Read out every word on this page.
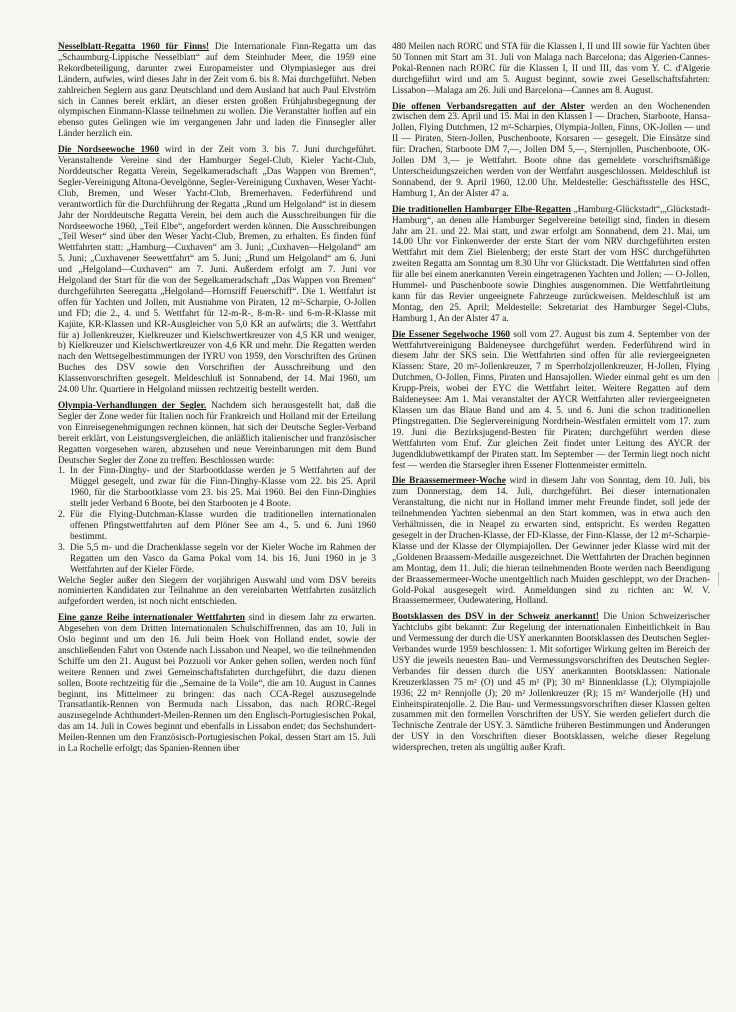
Nesselblatt-Regatta 1960 für Finns! Die Internationale Finn-Regatta um das „Schaumburg-Lippische Nesselblatt“ auf dem Steinhuder Meer, die 1959 eine Rekordbeteiligung, darunter zwei Europameister und Olympiasieger aus drei Ländern, aufwies, wird dieses Jahr in der Zeit vom 6. bis 8. Mai durchgeführt. Neben zahlreichen Seglern aus ganz Deutschland und dem Ausland hat auch Paul Elvström sich in Cannes bereit erklärt, an dieser ersten großen Frühjahrsbegegnung der olympischen Einmann-Klasse teilnehmen zu wollen. Die Veranstalter hoffen auf ein ebenso gutes Gelingen wie im vergangenen Jahr und laden die Finnsegler aller Länder herzlich ein.

Die Nordseewoche 1960 wird in der Zeit vom 3. bis 7. Juni durchgeführt. Veranstaltende Vereine sind der Hamburger Segel-Club, Kieler Yacht-Club, Norddeutscher Regatta Verein, Segelkameradschaft „Das Wappen von Bremen“, Segler-Vereinigung Altona-Oevelgönne, Segler-Vereinigung Cuxhaven, Weser Yacht-Club, Bremen, und Weser Yacht-Club, Bremerhaven. Federführend und verantwortlich für die Durchführung der Regatta „Rund um Helgoland“ ist in diesem Jahr der Norddeutsche Regatta Verein, bei dem auch die Ausschreibungen für die Nordseewoche 1960, „Teil Elbe“, angefordert werden können. Die Ausschreibungen „Teil Weser“ sind über den Weser Yacht-Club, Bremen, zu erhalten. Es finden fünf Wettfahrten statt: „Hamburg—Cuxhaven“ am 3. Juni; „Cuxhaven—Helgoland“ am 5. Juni; „Cuxhavener Seewettfahrt“ am 5. Juni; „Rund um Helgoland“ am 6. Juni und „Helgoland—Cuxhaven“ am 7. Juni. Außerdem erfolgt am 7. Juni vor Helgoland der Start für die von der Segelkameradschaft „Das Wappen von Bremen“ durchgeführten Seeregatta „Helgoland—Hornsriff Feuerschiff“. Die 1. Wettfahrt ist offen für Yachten und Jollen, mit Ausnahme von Piraten, 12 m²-Scharpie, O-Jollen und FD; die 2., 4. und 5. Wettfahrt für 12-m-R-, 8-m-R- und 6-m-R-Klasse mit Kajüte, KR-Klassen und KR-Ausgleicher von 5,0 KR an aufwärts; die 3. Wettfahrt für a) Jollenkreuzer, Kielkreuzer und Kielschwertkreuzer von 4,5 KR und weniger, b) Kielkreuzer und Kielschwertkreuzer von 4,6 KR und mehr. Die Regatten werden nach den Wettsegelbestimmungen der IYRU von 1959, den Vorschriften des Grünen Buches des DSV sowie den Vorschriften der Ausschreibung und den Klassenvorschriften gesegelt. Meldeschluß ist Sonnabend, der 14. Mai 1960, um 24.00 Uhr. Quartiere in Helgoland müssen rechtzeitig bestellt werden.

Olympia-Verhandlungen der Segler. Nachdem sich herausgestellt hat, daß die Segler der Zone weder für Italien noch für Frankreich und Holland mit der Erteilung von Einreisegenehmigungen rechnen können, hat sich der Deutsche Segler-Verband bereit erklärt, von Leistungsvergleichen, die anläßlich italienischer und französischer Regatten vorgesehen waren, abzusehen und neue Vereinbarungen mit dem Bund Deutscher Segler der Zone zu treffen. Beschlossen wurde:

1. In der Finn-Dinghy- und der Starbootklasse werden je 5 Wettfahrten auf der Müggel gesegelt, und zwar für die Finn-Dinghy-Klasse vom 22. bis 25. April 1960, für die Starbootklasse vom 23. bis 25. Mai 1960. Bei den Finn-Dinghies stellt jeder Verband 6 Boote, bei den Starbooten je 4 Boote.
2. Für die Flying-Dutchman-Klasse wurden die traditionellen internationalen offenen Pfingstwettfahrten auf dem Plöner See am 4., 5. und 6. Juni 1960 bestimmt.
3. Die 5,5 m- und die Drachenklasse segeln vor der Kieler Woche im Rahmen der Regatten um den Vasco da Gama Pokal vom 14. bis 16. Juni 1960 in je 3 Wettfahrten auf der Kieler Förde.

Welche Segler außer den Siegern der vorjährigen Auswahl und vom DSV bereits nominierten Kandidaten zur Teilnahme an den vereinbarten Wettfahrten zusätzlich aufgefordert werden, ist noch nicht entschieden.

Eine ganze Reihe internationaler Wettfahrten sind in diesem Jahr zu erwarten. Abgesehen von dem Dritten Internationalen Schulschiffrennen, das am 10. Juli in Oslo beginnt und um den 16. Juli beim Hoek von Holland endet, sowie der anschließenden Fahrt von Ostende nach Lissabon und Neapel, wo die teilnehmenden Schiffe um den 21. August bei Pozzuoli vor Anker gehen sollen, werden noch fünf weitere Rennen und zwei Gemeinschaftsfahrten durchgeführt, die dazu dienen sollen, Boote rechtzeitig für die „Semaine de la Voile“, die am 10. August in Cannes beginnt, ins Mittelmeer zu bringen: das nach CCA-Regel auszusegelnde Transatlantik-Rennen von Bermuda nach Lissabon, das nach RORC-Regel auszusegelnde Achthundert-Meilen-Rennen um den Englisch-Portugiesischen Pokal, das am 14. Juli in Cowes beginnt und ebenfalls in Lissabon endet; das Sechshundert-Meilen-Rennen um den Französisch-Portugiesischen Pokal, dessen Start am 15. Juli in La Rochelle erfolgt; das Spanien-Rennen über

480 Meilen nach RORC und STA für die Klassen I, II und III sowie für Yachten über 50 Tonnen mit Start am 31. Juli von Malaga nach Barcelona; das Algerien-Cannes-Pokal-Rennen nach RORC für die Klassen I, II und III, das vom Y. C. d'Algerie durchgeführt wird und am 5. August beginnt, sowie zwei Gesellschaftsfahrten: Lissabon—Malaga am 26. Juli und Barcelona—Cannes am 8. August.

Die offenen Verbandsregatten auf der Alster werden an den Wochenenden zwischen dem 23. April und 15. Mai in den Klassen I — Drachen, Starboote, Hansa-Jollen, Flying Dutchmen, 12 m²-Scharpies, Olympia-Jollen, Finns, OK-Jollen — und II — Piraten, Stern-Jollen, Puschenboote, Korsaren — gesegelt. Die Einsätze sind für: Drachen, Starboote DM 7,—, Jollen DM 5,—, Sternjollen, Puschenboote, OK-Jollen DM 3,— je Wettfahrt. Boote ohne das gemeldete vorschriftsmäßige Unterscheidungszeichen werden von der Wettfahrt ausgeschlossen. Meldeschluß ist Sonnabend, der 9. April 1960, 12.00 Uhr. Meldestelle: Geschäftsstelle des HSC, Hamburg 1, An der Alster 47 a.

Die traditionellen Hamburger Elbe-Regatten „Hamburg-Glückstadt“,„Glückstadt-Hamburg“, an denen alle Hamburger Segelvereine beteiligt sind, finden in diesem Jahr am 21. und 22. Mai statt, und zwar erfolgt am Sonnabend, dem 21. Mai, um 14.00 Uhr vor Finkenwerder der erste Start der vom NRV durchgeführten ersten Wettfahrt mit dem Ziel Bielenberg; der erste Start der vom HSC durchgeführten zweiten Regatta am Sonntag um 8.30 Uhr vor Glückstadt. Die Wettfahrten sind offen für alle bei einem anerkannten Verein eingetragenen Yachten und Jollen; — O-Jollen, Hummel- und Puschenboote sowie Dinghies ausgenommen. Die Wettfahrtleitung kann für das Revier ungeeignete Fahrzeuge zurückweisen. Meldeschluß ist am Montag, den 25. April; Meldestelle: Sekretariat des Hamburger Segel-Clubs, Hamburg 1, An der Alster 47 a.

Die Essener Segelwoche 1960 soll vom 27. August bis zum 4. September von der Wettfahrtvereinigung Baldeneysee durchgeführt werden. Federführend wird in diesem Jahr der SKS sein. Die Wettfahrten sind offen für alle reviergeeigneten Klassen: Stare, 20 m²-Jollenkreuzer, 7 m Sperrholzjollenkreuzer, H-Jollen, Flying Dutchmen, O-Jollen, Finns, Piraten und Hansajollen. Wieder einmal geht es um den Krupp-Preis, wobei der EYC die Wettfahrt leitet. Weitere Regatten auf dem Baldeneysee: Am 1. Mai veranstaltet der AYCR Wettfahrten aller reviergeeigneten Klassen um das Blaue Band und am 4. 5. und 6. Juni die schon traditionellen Pfingstregatten. Die Seglervereinigung Nordrhein-Westfalen ermittelt vom 17. zum 19. Juni die Bezirksjugend-Besten für Piraten; durchgeführt werden diese Wettfahrten vom Etuf. Zur gleichen Zeit findet unter Leitung des AYCR der Jugendklubwettkampf der Piraten statt. Im September — der Termin liegt noch nicht fest — werden die Starsegler ihren Essener Flottenmeister ermitteln.

Die Braassemermeer-Woche wird in diesem Jahr von Sonntag, dem 10. Juli, bis zum Donnerstag, dem 14. Juli, durchgeführt. Bei dieser internationalen Veranstaltung, die nicht nur in Holland immer mehr Freunde findet, soll jede der teilnehmenden Yachten siebenmal an den Start kommen, was in etwa auch den Verhältnissen, die in Neapel zu erwarten sind, entspricht. Es werden Regatten gesegelt in der Drachen-Klasse, der FD-Klasse, der Finn-Klasse, der 12 m²-Scharpie-Klasse und der Klasse der Olympiajollen. Der Gewinner jeder Klasse wird mit der „Goldenen Braassem-Medaille ausgezeichnet. Die Wettfahrten der Drachen beginnen am Montag, dem 11. Juli; die hieran teilnehmenden Boote werden nach Beendigung der Braassemermeer-Woche unentgeltlich nach Muiden geschleppt, wo der Drachen-Gold-Pokal ausgesegelt wird. Anmeldungen sind zu richten an: W. V. Braassemermeer, Oudewatering, Holland.

Bootsklassen des DSV in der Schweiz anerkannt! Die Union Schweizerischer Yachtclubs gibt bekannt: Zur Regelung der internationalen Einheitlichkeit in Bau und Vermessung der durch die USY anerkannten Bootsklassen des Deutschen Segler-Verbandes wurde 1959 beschlossen: 1. Mit sofortiger Wirkung gelten im Bereich der USY die jeweils neuesten Bau- und Vermessungsvorschriften des Deutschen Segler-Verbandes für dessen durch die USY anerkannten Bootsklassen: Nationale Kreuzerklassen 75 m² (O) und 45 m² (P); 30 m² Binnenklasse (L); Olympiajolle 1936; 22 m² Rennjolle (J); 20 m² Jollenkreuzer (R); 15 m² Wanderjolle (H) und Einheitspiratenjolle. 2. Die Bau- und Vermessungsvorschriften dieser Klassen gelten zusammen mit den formellen Vorschriften der USY. Sie werden geliefert durch die Technische Zentrale der USY. 3. Sämtliche früheren Bestimmungen und Änderungen der USY in den Vorschriften dieser Bootsklassen, welche dieser Regelung widersprechen, treten als ungültig außer Kraft.
